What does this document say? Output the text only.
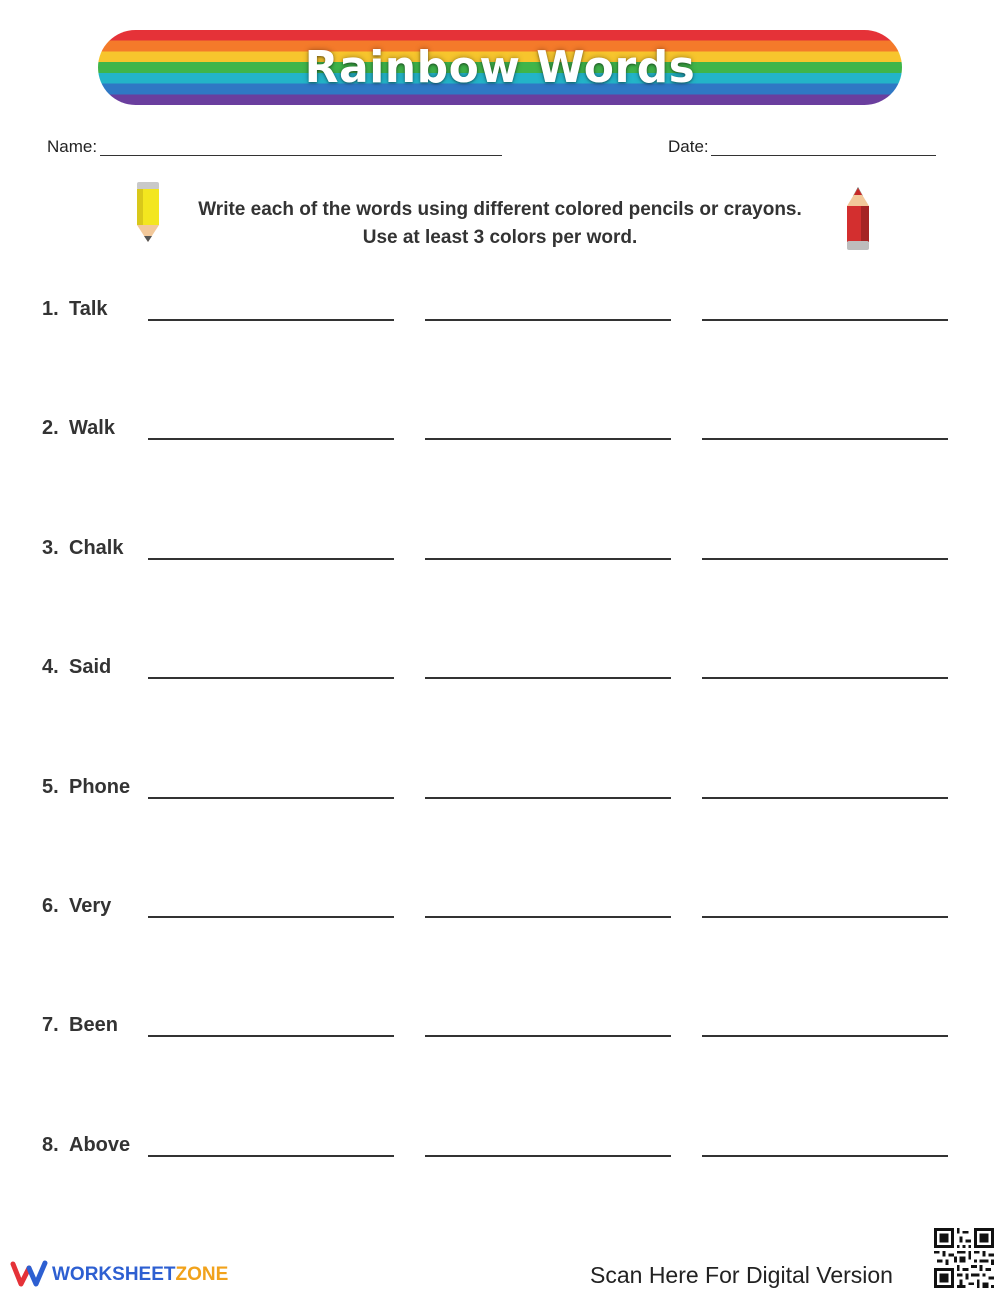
Rainbow Words
Name:	Date:
Write each of the words using different colored pencils or crayons.
Use at least 3 colors per word.
1. Talk
2. Walk
3. Chalk
4. Said
5. Phone
6. Very
7. Been
8. Above
WORKSHEETZONE	Scan Here For Digital Version
